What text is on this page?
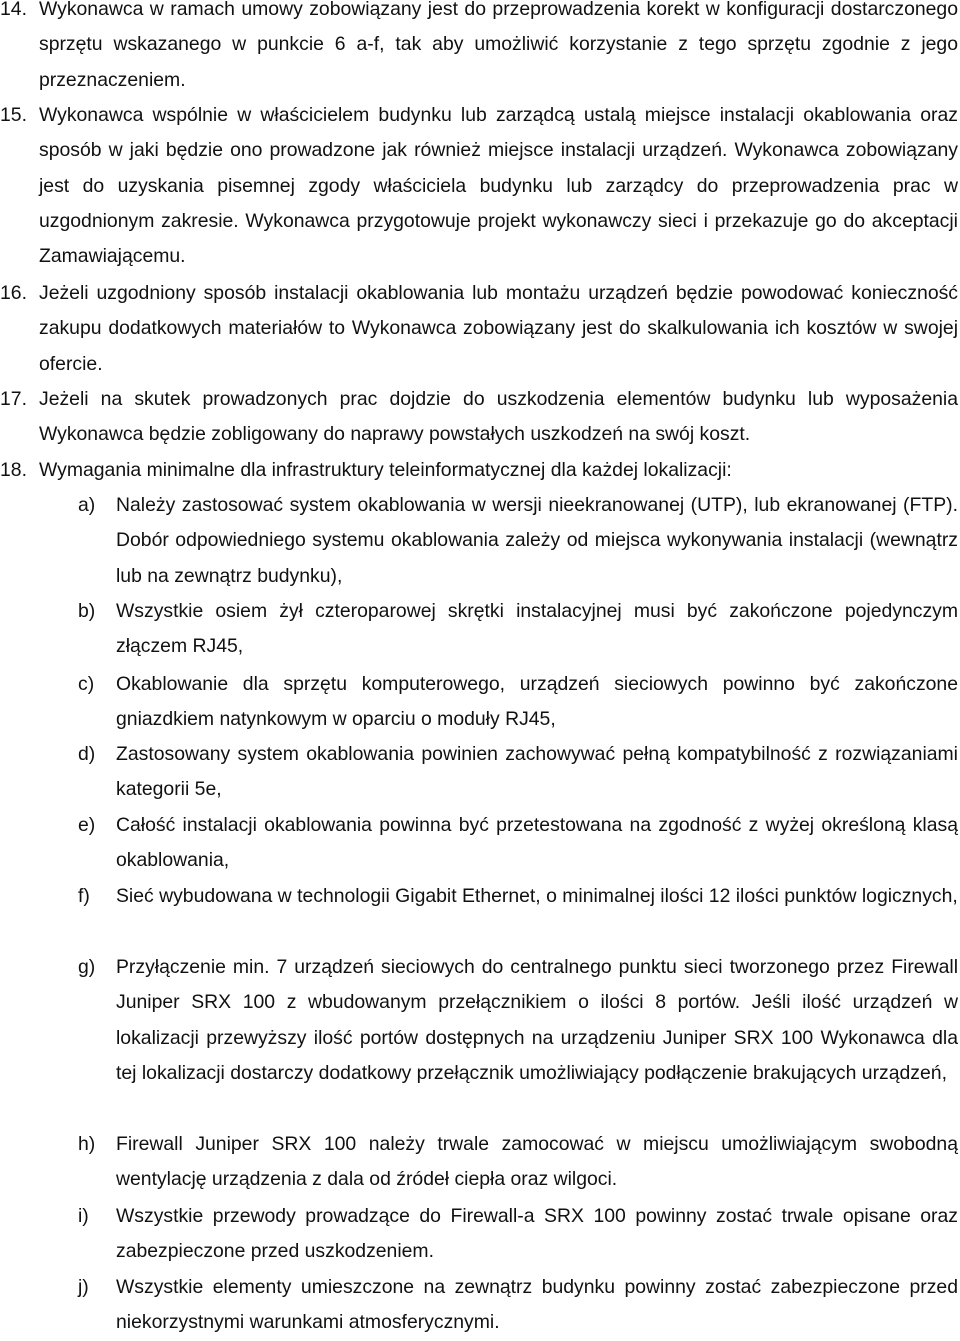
14. Wykonawca w ramach umowy zobowiązany jest do przeprowadzenia korekt w konfiguracji dostarczonego sprzętu wskazanego w punkcie 6 a-f, tak aby umożliwić korzystanie z tego sprzętu zgodnie z jego przeznaczeniem.
15. Wykonawca wspólnie w właścicielem budynku lub zarządcą ustalą miejsce instalacji okablowania oraz sposób w jaki będzie ono prowadzone jak również miejsce instalacji urządzeń. Wykonawca zobowiązany jest do uzyskania pisemnej zgody właściciela budynku lub zarządcy do przeprowadzenia prac w uzgodnionym zakresie. Wykonawca przygotowuje projekt wykonawczy sieci i przekazuje go do akceptacji Zamawiającemu.
16. Jeżeli uzgodniony sposób instalacji okablowania lub montażu urządzeń będzie powodować konieczność zakupu dodatkowych materiałów to Wykonawca zobowiązany jest do skalkulowania ich kosztów w swojej ofercie.
17. Jeżeli na skutek prowadzonych prac dojdzie do uszkodzenia elementów budynku lub wyposażenia Wykonawca będzie zobligowany do naprawy powstałych uszkodzeń na swój koszt.
18. Wymagania minimalne dla infrastruktury teleinformatycznej dla każdej lokalizacji:
a) Należy zastosować system okablowania w wersji nieekranowanej (UTP), lub ekranowanej (FTP). Dobór odpowiedniego systemu okablowania zależy od miejsca wykonywania instalacji (wewnątrz lub na zewnątrz budynku),
b) Wszystkie osiem żył czteroparowej skrętki instalacyjnej musi być zakończone pojedynczym złączem RJ45,
c) Okablowanie dla sprzętu komputerowego, urządzeń sieciowych powinno być zakończone gniazdkiem natynkowym w oparciu o moduły RJ45,
d) Zastosowany system okablowania powinien zachowywać pełną kompatybilność z rozwiązaniami kategorii 5e,
e) Całość instalacji okablowania powinna być przetestowana na zgodność z wyżej określoną klasą okablowania,
f) Sieć wybudowana w technologii Gigabit Ethernet, o minimalnej ilości 12 ilości punktów logicznych,
g) Przyłączenie min. 7 urządzeń sieciowych do centralnego punktu sieci tworzonego przez Firewall Juniper SRX 100 z wbudowanym przełącznikiem o ilości 8 portów. Jeśli ilość urządzeń w lokalizacji przewyższy ilość portów dostępnych na urządzeniu Juniper SRX 100 Wykonawca dla tej lokalizacji dostarczy dodatkowy przełącznik umożliwiający podłączenie brakujących urządzeń,
h) Firewall Juniper SRX 100 należy trwale zamocować w miejscu umożliwiającym swobodną wentylację urządzenia z dala od źródeł ciepła oraz wilgoci.
i) Wszystkie przewody prowadzące do Firewall-a SRX 100 powinny zostać trwale opisane oraz zabezpieczone przed uszkodzeniem.
j) Wszystkie elementy umieszczone na zewnątrz budynku powinny zostać zabezpieczone przed niekorzystnymi warunkami atmosferycznymi.
